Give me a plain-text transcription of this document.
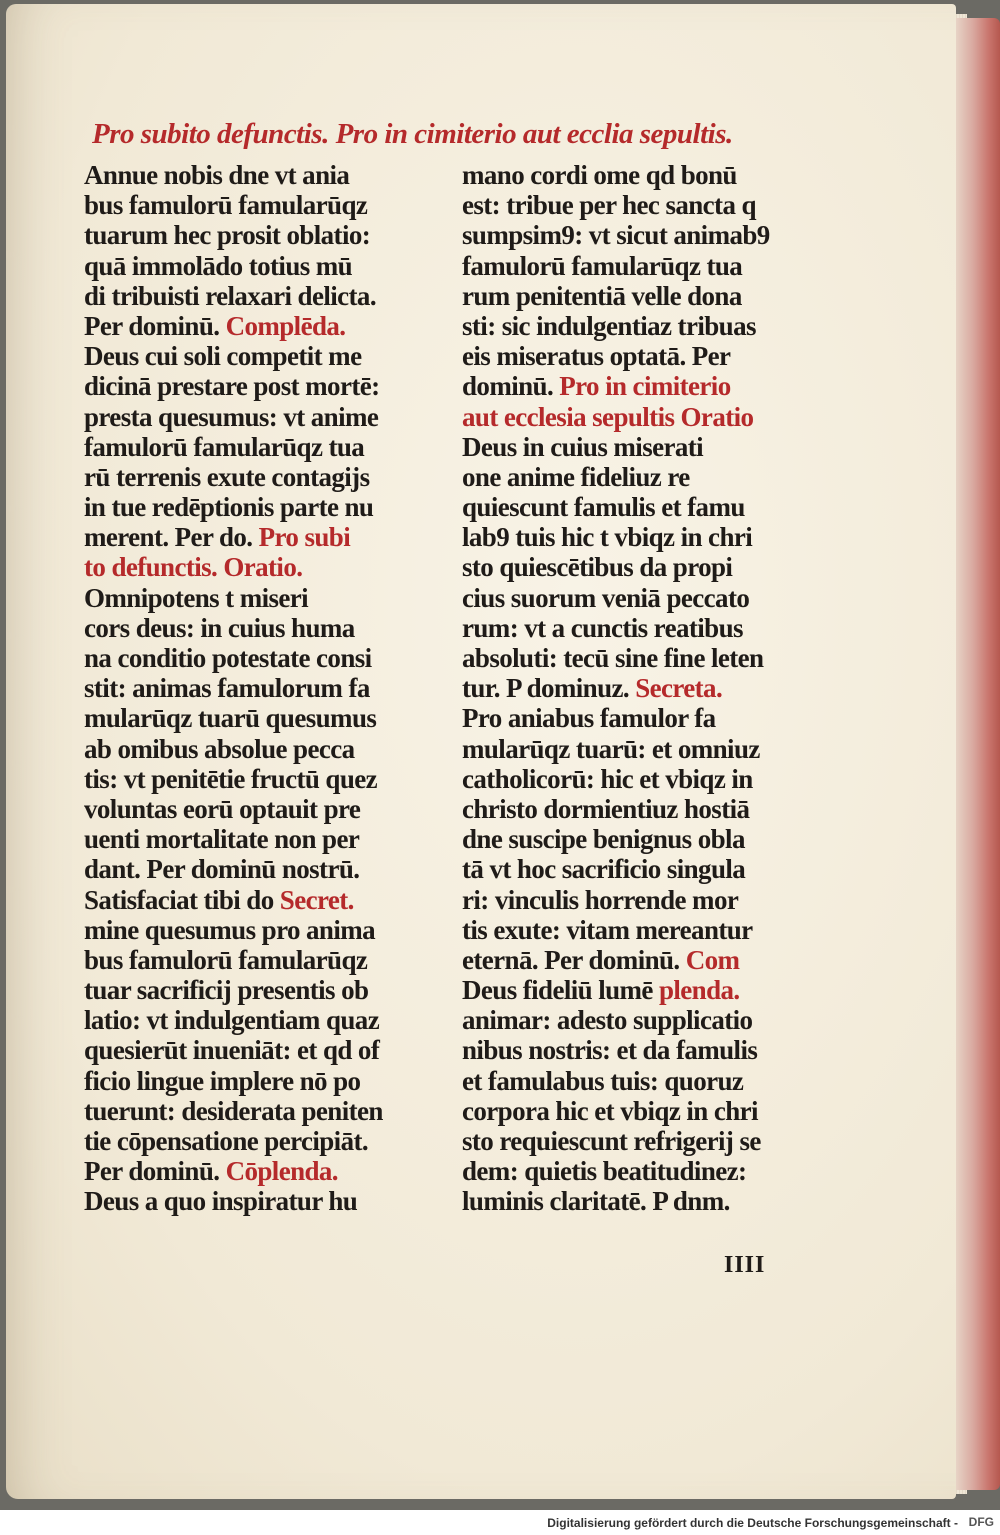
Pro subito defunctis. Pro in cimiterio aut ecclia sepultis.
Annue nobis dne vt ania
bus famulorū famularūqz
tuarum hec prosit oblatio:
quā immolādo totius mū
di tribuisti relaxari delicta.
Per dominū. Complēda.
Deus cui soli competit me
dicinā prestare post mortē:
presta quesumus: vt anime
famulorū famularūqz tua
rū terrenis exute contagijs
in tue redēptionis parte nu
merent. Per do. Pro subi
to defunctis. Oratio.
Omnipotens t miseri
cors deus: in cuius huma
na conditio potestate consi
stit: animas famulorum fa
mularūqz tuarū quesumus
ab omibus absolue pecca
tis: vt penitētie fructū quez
voluntas eorū optauit pre
uenti mortalitate non per
dant. Per dominū nostrū.
Satisfaciat tibi do Secret.
mine quesumus pro anima
bus famulorū famularūqz
tuar sacrificij presentis ob
latio: vt indulgentiam quaz
quesierūt inueniāt: et qd of
ficio lingue implere nō po
tuerunt: desiderata peniten
tie cōpensatione percipiāt.
Per dominū. Cōplenda.
Deus a quo inspiratur hu
mano cordi ome qd bonū
est: tribue per hec sancta q
sumpsim9: vt sicut animab9
famulorū famularūqz tua
rum penitentiā velle dona
sti: sic indulgentiaz tribuas
eis miseratus optatā. Per
dominū. Pro in cimiterio
aut ecclesia sepultis Oratio
Deus in cuius miserati
one anime fideliuz re
quiescunt famulis et famu
lab9 tuis hic t vbiqz in chri
sto quiescētibus da propi
cius suorum veniā peccato
rum: vt a cunctis reatibus
absoluti: tecū sine fine leten
tur. P dominuz. Secreta.
Pro aniabus famulor fa
mularūqz tuarū: et omniuz
catholicorū: hic et vbiqz in
christo dormientiuz hostiā
dne suscipe benignus obla
tā vt hoc sacrificio singula
ri: vinculis horrende mor
tis exute: vitam mereantur
eternā. Per dominū. Com
Deus fideliū lumē plenda.
animar: adesto supplicatio
nibus nostris: et da famulis
et famulabus tuis: quoruz
corpora hic et vbiqz in chri
sto requiescunt refrigerij se
dem: quietis beatitudinez:
luminis claritatē. P dnm.
IIII
Digitalisierung gefördert durch die Deutsche Forschungsgemeinschaft - DFG
